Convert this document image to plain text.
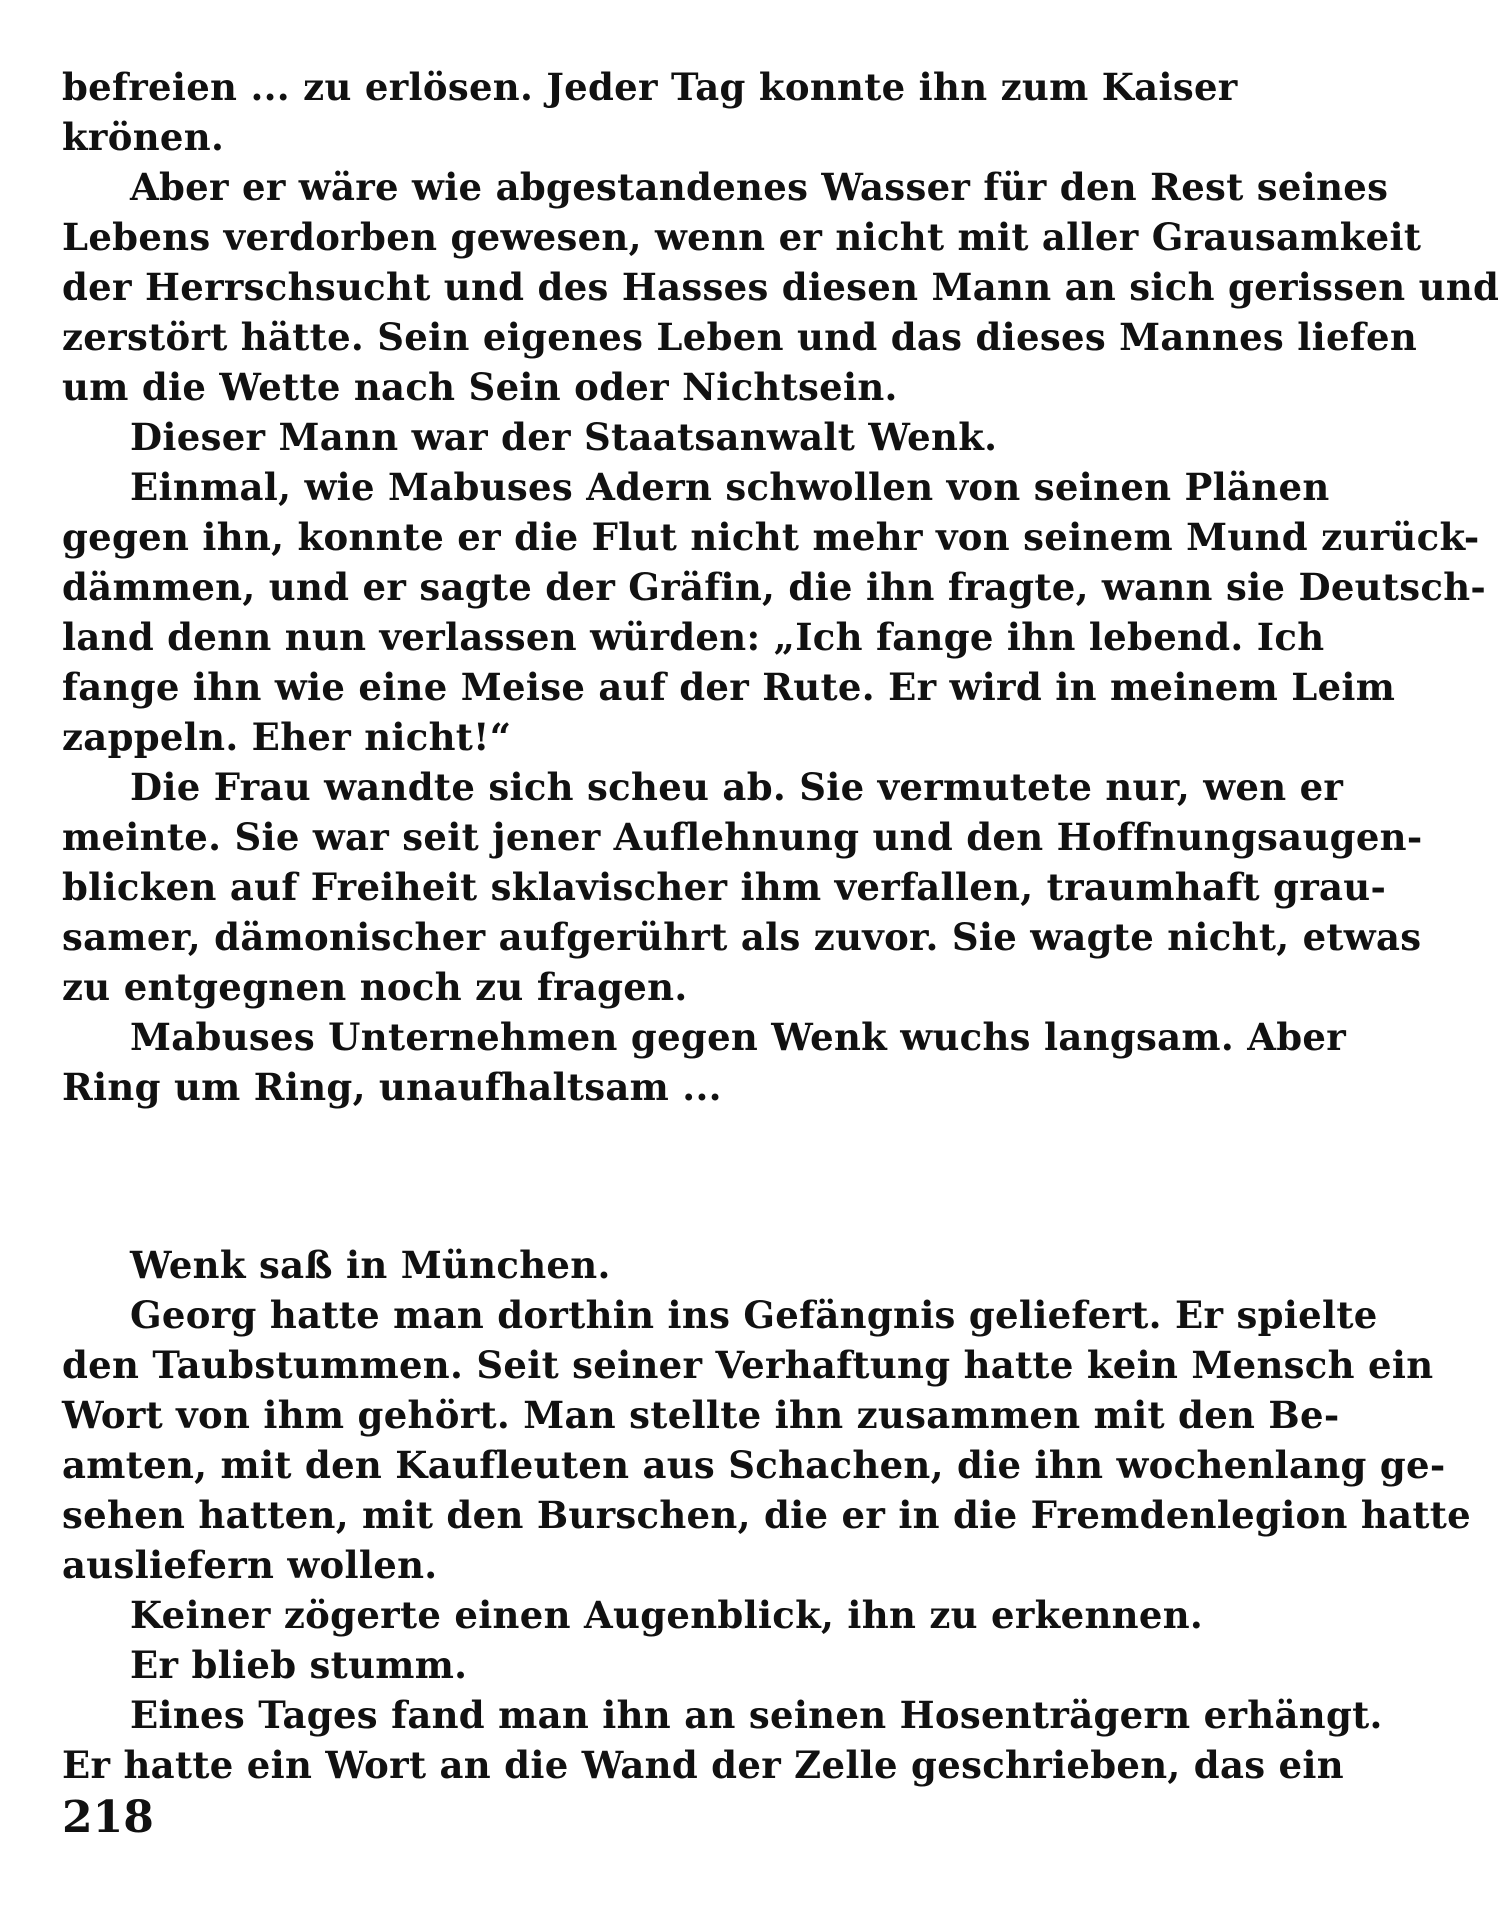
befreien ... zu erlösen. Jeder Tag konnte ihn zum Kaiser
krönen.
Aber er wäre wie abgestandenes Wasser für den Rest seines
Lebens verdorben gewesen, wenn er nicht mit aller Grausamkeit
der Herrschsucht und des Hasses diesen Mann an sich gerissen und
zerstört hätte. Sein eigenes Leben und das dieses Mannes liefen
um die Wette nach Sein oder Nichtsein.
Dieser Mann war der Staatsanwalt Wenk.
Einmal, wie Mabuses Adern schwollen von seinen Plänen
gegen ihn, konnte er die Flut nicht mehr von seinem Mund zurück-
dämmen, und er sagte der Gräfin, die ihn fragte, wann sie Deutsch-
land denn nun verlassen würden: „Ich fange ihn lebend. Ich
fange ihn wie eine Meise auf der Rute. Er wird in meinem Leim
zappeln. Eher nicht!“
Die Frau wandte sich scheu ab. Sie vermutete nur, wen er
meinte. Sie war seit jener Auflehnung und den Hoffnungsaugen-
blicken auf Freiheit sklavischer ihm verfallen, traumhaft grau-
samer, dämonischer aufgerührt als zuvor. Sie wagte nicht, etwas
zu entgegnen noch zu fragen.
Mabuses Unternehmen gegen Wenk wuchs langsam. Aber
Ring um Ring, unaufhaltsam ...
Wenk saß in München.
Georg hatte man dorthin ins Gefängnis geliefert. Er spielte
den Taubstummen. Seit seiner Verhaftung hatte kein Mensch ein
Wort von ihm gehört. Man stellte ihn zusammen mit den Be-
amten, mit den Kaufleuten aus Schachen, die ihn wochenlang ge-
sehen hatten, mit den Burschen, die er in die Fremdenlegion hatte
ausliefern wollen.
Keiner zögerte einen Augenblick, ihn zu erkennen.
Er blieb stumm.
Eines Tages fand man ihn an seinen Hosenträgern erhängt.
Er hatte ein Wort an die Wand der Zelle geschrieben, das ein
218
